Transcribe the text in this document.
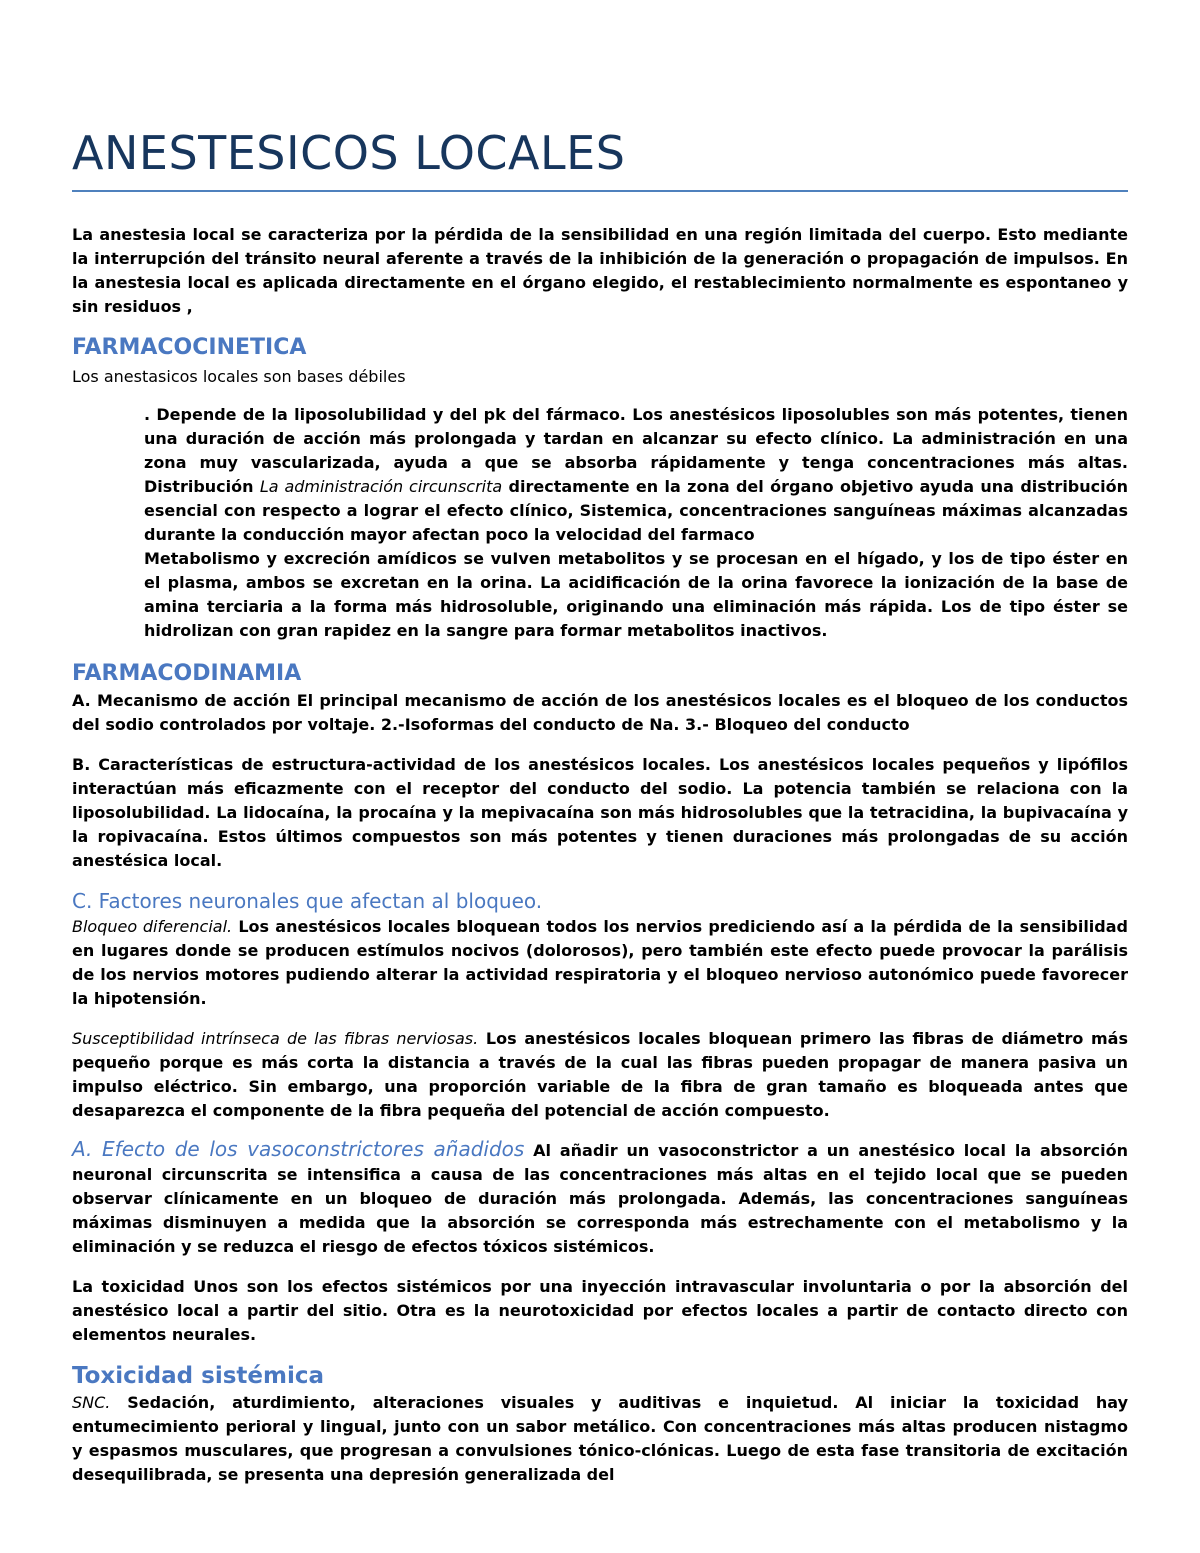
ANESTESICOS LOCALES

La anestesia local se caracteriza por la pérdida de la sensibilidad en una región limitada del cuerpo. Esto mediante la interrupción del tránsito neural aferente a través de la inhibición de la generación o propagación de impulsos. En la anestesia local es aplicada directamente en el órgano elegido, el restablecimiento normalmente es espontaneo y sin residuos ,

FARMACOCINETICA

Los anestasicos locales son bases débiles

. Depende de la liposolubilidad y del pk del fármaco. Los anestésicos liposolubles son más potentes, tienen una duración de acción más prolongada y tardan en alcanzar su efecto clínico. La administración en una zona muy vascularizada, ayuda a que se absorba rápidamente y tenga concentraciones más altas. Distribución La administración circunscrita directamente en la zona del órgano objetivo ayuda una distribución esencial con respecto a lograr el efecto clínico, Sistemica, concentraciones sanguíneas máximas alcanzadas durante la conducción mayor afectan poco la velocidad del farmaco

Metabolismo y excreción amídicos se vuIven metabolitos y se procesan en el hígado, y los de tipo éster en el plasma, ambos se excretan en la orina. La acidificación de la orina favorece la ionización de la base de amina terciaria a la forma más hidrosoluble, originando una eliminación más rápida. Los de tipo éster se hidrolizan con gran rapidez en la sangre para formar metabolitos inactivos.

FARMACODINAMIA

A. Mecanismo de acción El principal mecanismo de acción de los anestésicos locales es el bloqueo de los conductos del sodio controlados por voltaje. 2.-Isoformas del conducto de Na. 3.- Bloqueo del conducto

B. Características de estructura-actividad de los anestésicos locales. Los anestésicos locales pequeños y lipófilos interactúan más eficazmente con el receptor del conducto del sodio. La potencia también se relaciona con la liposolubilidad. La lidocaína, la procaína y la mepivacaína son más hidrosolubles que la tetracidina, la bupivacaína y la ropivacaína. Estos últimos compuestos son más potentes y tienen duraciones más prolongadas de su acción anestésica local.

C. Factores neuronales que afectan al bloqueo.

Bloqueo diferencial. Los anestésicos locales bloquean todos los nervios prediciendo así a la pérdida de la sensibilidad en lugares donde se producen estímulos nocivos (dolorosos), pero también este efecto puede provocar la parálisis de los nervios motores pudiendo alterar la actividad respiratoria y el bloqueo nervioso autonómico puede favorecer la hipotensión.

Susceptibilidad intrínseca de las fibras nerviosas. Los anestésicos locales bloquean primero las fibras de diámetro más pequeño porque es más corta la distancia a través de la cual las fibras pueden propagar de manera pasiva un impulso eléctrico. Sin embargo, una proporción variable de la fibra de gran tamaño es bloqueada antes que desaparezca el componente de la fibra pequeña del potencial de acción compuesto.

A. Efecto de los vasoconstrictores añadidos Al añadir un vasoconstrictor a un anestésico local la absorción neuronal circunscrita se intensifica a causa de las concentraciones más altas en el tejido local que se pueden observar clínicamente en un bloqueo de duración más prolongada. Además, las concentraciones sanguíneas máximas disminuyen a medida que la absorción se corresponda más estrechamente con el metabolismo y la eliminación y se reduzca el riesgo de efectos tóxicos sistémicos.

La toxicidad Unos son los efectos sistémicos por una inyección intravascular involuntaria o por la absorción del anestésico local a partir del sitio. Otra es la neurotoxicidad por efectos locales a partir de contacto directo con elementos neurales.

Toxicidad sistémica

SNC. Sedación, aturdimiento, alteraciones visuales y auditivas e inquietud. Al iniciar la toxicidad hay entumecimiento perioral y lingual, junto con un sabor metálico. Con concentraciones más altas producen nistagmo y espasmos musculares, que progresan a convulsiones tónico-clónicas. Luego de esta fase transitoria de excitación desequilibrada, se presenta una depresión generalizada del
